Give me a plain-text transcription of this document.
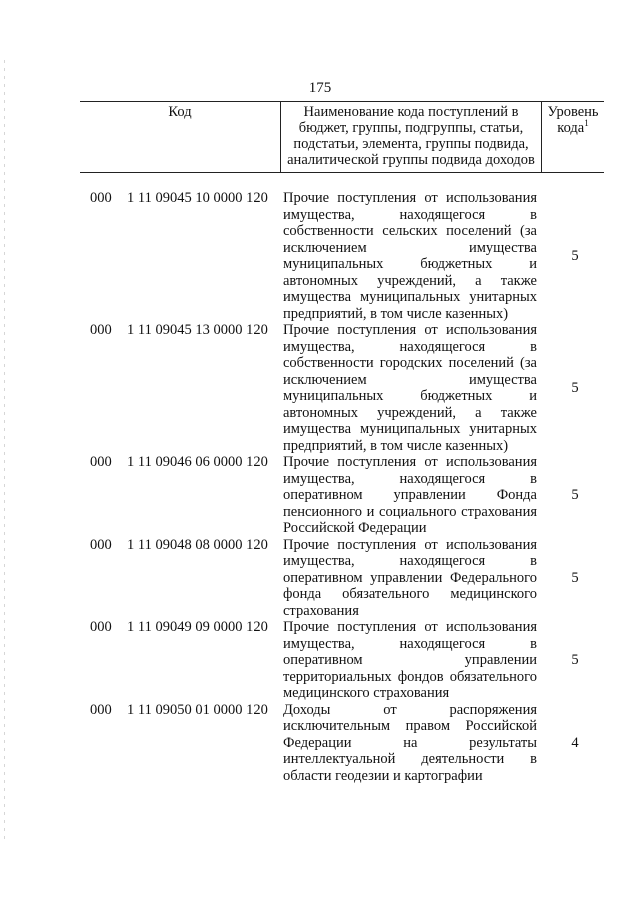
175
Код	Наименование кода поступлений в
бюджет, группы, подгруппы, статьи,
подстатьи, элемента, группы подвида,
аналитической группы подвида доходов
Уровень
кода$^1$
000 1 11 09045 10 0000 120 Прочие поступления от использования имущества, находящегося в собственности сельских поселений (за исключением имущества муниципальных бюджетных и автономных учреждений, а также имущества муниципальных унитарных предприятий, в том числе казенных)
5
000 1 11 09045 13 0000 120 Прочие поступления от использования имущества, находящегося в собственности городских поселений (за исключением имущества муниципальных бюджетных и автономных учреждений, а также имущества муниципальных унитарных предприятий, в том числе казенных)
5
000 1 11 09046 06 0000 120 Прочие поступления от использования имущества, находящегося в оперативном управлении Фонда пенсионного и социального страхования Российской Федерации
5
000 1 11 09048 08 0000 120 Прочие поступления от использования имущества, находящегося в оперативном управлении Федерального фонда обязательного медицинского страхования
5
000 1 11 09049 09 0000 120 Прочие поступления от использования имущества, находящегося в оперативном управлении территориальных фондов обязательного медицинского страхования
5
000 1 11 09050 01 0000 120 Доходы от распоряжения исключительным правом Российской Федерации на результаты интеллектуальной деятельности в области геодезии и картографии
4
